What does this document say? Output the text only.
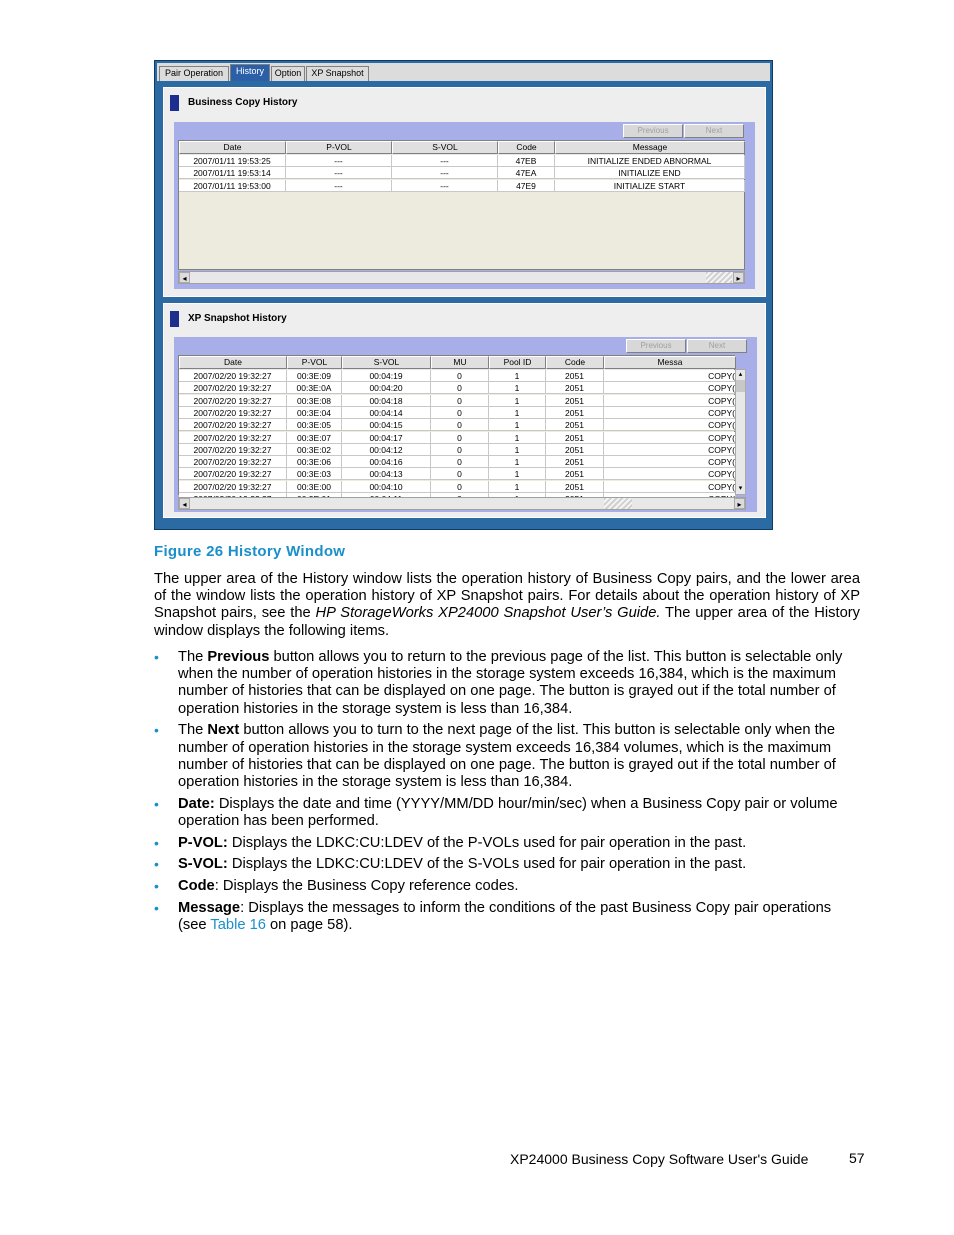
Pair Operation	History	Option	XP Snapshot
Business Copy History
Previous	Next
Date	P-VOL	S-VOL	Code	Message
2007/01/11 19:53:25	---	---	47EB	INITIALIZE ENDED ABNORMAL
2007/01/11 19:53:14	---	---	47EA	INITIALIZE END
2007/01/11 19:53:00	---	---	47E9	INITIALIZE START
◂	▸
XP Snapshot History
Previous	Next
Date	P-VOL	S-VOL	MU	Pool ID	Code	Messa
2007/02/20 19:32:27	00:3E:09	00:04:19	0	1	2051	COPY(
2007/02/20 19:32:27	00:3E:0A	00:04:20	0	1	2051	COPY(
2007/02/20 19:32:27	00:3E:08	00:04:18	0	1	2051	COPY(
2007/02/20 19:32:27	00:3E:04	00:04:14	0	1	2051	COPY(
2007/02/20 19:32:27	00:3E:05	00:04:15	0	1	2051	COPY(
2007/02/20 19:32:27	00:3E:07	00:04:17	0	1	2051	COPY(
2007/02/20 19:32:27	00:3E:02	00:04:12	0	1	2051	COPY(
2007/02/20 19:32:27	00:3E:06	00:04:16	0	1	2051	COPY(
2007/02/20 19:32:27	00:3E:03	00:04:13	0	1	2051	COPY(
2007/02/20 19:32:27	00:3E:00	00:04:10	0	1	2051	COPY(
▴
▾
◂	▸
Figure 26 History Window
The upper area of the History window lists the operation history of Business Copy pairs, and the lower area of the window lists the operation history of XP Snapshot pairs. For details about the operation history of XP Snapshot pairs, see the HP StorageWorks XP24000 Snapshot User’s Guide. The upper area of the History window displays the following items.
• The Previous button allows you to return to the previous page of the list. This button is selectable only when the number of operation histories in the storage system exceeds 16,384, which is the maximum number of histories that can be displayed on one page. The button is grayed out if the total number of operation histories in the storage system is less than 16,384.
• The Next button allows you to turn to the next page of the list. This button is selectable only when the number of operation histories in the storage system exceeds 16,384 volumes, which is the maximum number of histories that can be displayed on one page. The button is grayed out if the total number of operation histories in the storage system is less than 16,384.
• Date: Displays the date and time (YYYY/MM/DD hour/min/sec) when a Business Copy pair or volume operation has been performed.
• P-VOL: Displays the LDKC:CU:LDEV of the P-VOLs used for pair operation in the past.
• S-VOL: Displays the LDKC:CU:LDEV of the S-VOLs used for pair operation in the past.
• Code: Displays the Business Copy reference codes.
• Message: Displays the messages to inform the conditions of the past Business Copy pair operations (see Table 16 on page 58).
XP24000 Business Copy Software User's Guide	57
